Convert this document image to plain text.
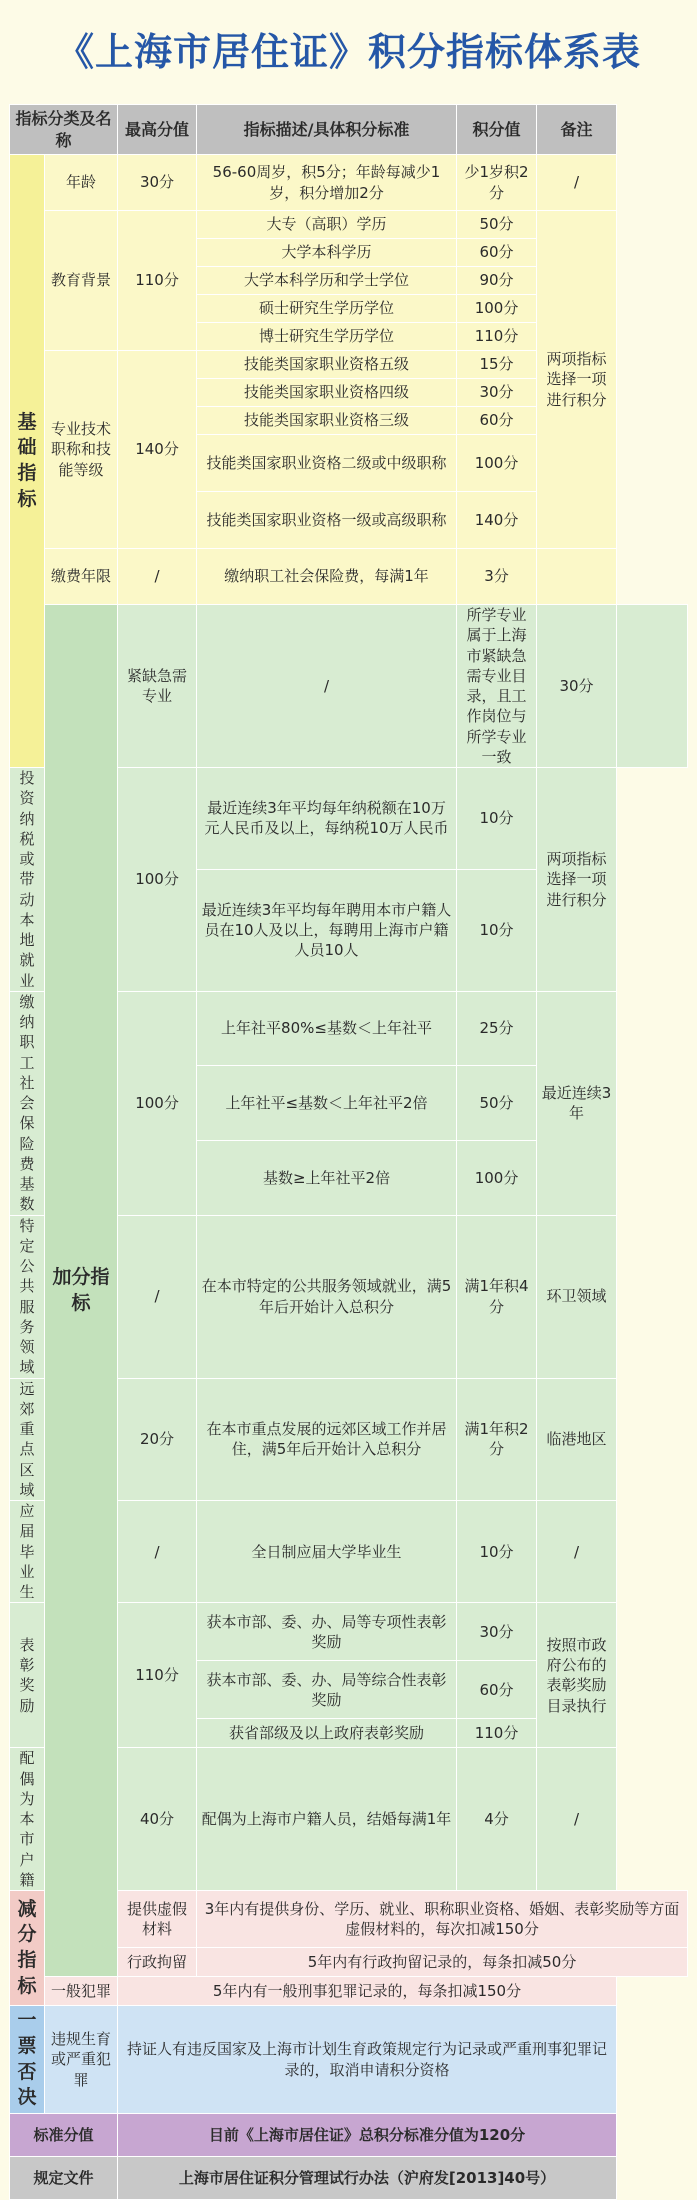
《上海市居住证》积分指标体系表
指标分类及名称		最高分值	指标描述/具体积分标准	积分值	备注	
基础指标	年龄	30分	56-60周岁，积5分；年龄每减少1岁，积分增加2分	少1岁积2分	/	
	教育背景	110分	大专（高职）学历	50分	两项指标选择一项进行积分	
			大学本科学历	60分		
			大学本科学历和学士学位	90分		
			硕士研究生学历学位	100分		
			博士研究生学历学位	110分		
	专业技术职称和技能等级	140分	技能类国家职业资格五级	15分		
			技能类国家职业资格四级	30分		
			技能类国家职业资格三级	60分		
			技能类国家职业资格二级或中级职称	100分		
			技能类国家职业资格一级或高级职称	140分		
	缴费年限	/	缴纳职工社会保险费，每满1年	3分		
	加分指标	紧缺急需专业	/	所学专业属于上海市紧缺急需专业目录，且工作岗位与所学专业一致	30分	
投资纳税或带动本地就业		100分	最近连续3年平均每年纳税额在10万元人民币及以上，每纳税10万人民币	10分	两项指标选择一项进行积分	
			最近连续3年平均每年聘用本市户籍人员在10人及以上，每聘用上海市户籍人员10人	10分		
缴纳职工社会保险费基数		100分	上年社平80%≤基数＜上年社平	25分	最近连续3年	
			上年社平≤基数＜上年社平2倍	50分		
			基数≥上年社平2倍	100分		
特定公共服务领域		/	在本市特定的公共服务领域就业，满5年后开始计入总积分	满1年积4分	环卫领域	
远郊重点区域		20分	在本市重点发展的远郊区域工作并居住，满5年后开始计入总积分	满1年积2分	临港地区	
应届毕业生		/	全日制应届大学毕业生	10分	/	
表彰奖励		110分	获本市部、委、办、局等专项性表彰奖励	30分	按照市政府公布的表彰奖励目录执行	
			获本市部、委、办、局等综合性表彰奖励	60分		
			获省部级及以上政府表彰奖励	110分		
配偶为本市户籍		40分	配偶为上海市户籍人员，结婚每满1年	4分	/	
减分指标		提供虚假材料	3年内有提供身份、学历、就业、职称职业资格、婚姻、表彰奖励等方面虚假材料的，每次扣减150分			
		行政拘留	5年内有行政拘留记录的，每条扣减50分			
	一般犯罪	5年内有一般刑事犯罪记录的，每条扣减150分				
一票否决	违规生育或严重犯罪	持证人有违反国家及上海市计划生育政策规定行为记录或严重刑事犯罪记录的，取消申请积分资格				
标准分值		目前《上海市居住证》总积分标准分值为120分				
规定文件		上海市居住证积分管理试行办法（沪府发[2013]40号）				
